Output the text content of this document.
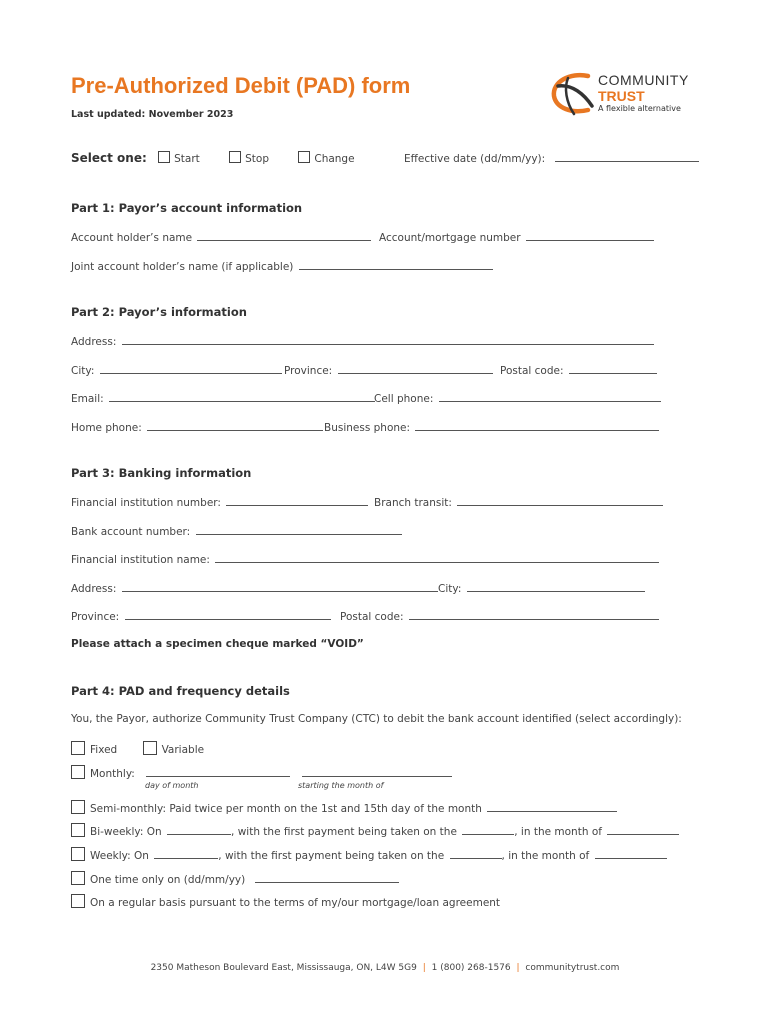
Pre-Authorized Debit (PAD) form
Last updated: November 2023
COMMUNITY
TRUST
A flexible alternative
Select one:	Start	Stop	Change	Effective date (dd/mm/yy):
Part 1: Payor’s account information
Account holder’s name	Account/mortgage number
Joint account holder’s name (if applicable)
Part 2: Payor’s information
Address:
City:	Province:	Postal code:
Email:	Cell phone:
Home phone:	Business phone:
Part 3: Banking information
Financial institution number:	Branch transit:
Bank account number:
Financial institution name:
Address:	City:
Province:	Postal code:
Please attach a specimen cheque marked “VOID”
Part 4: PAD and frequency details
You, the Payor, authorize Community Trust Company (CTC) to debit the bank account identified (select accordingly):
Fixed	Variable
Monthly:
day of month	starting the month of
Semi-monthly: Paid twice per month on the 1st and 15th day of the month
Bi-weekly: On	, with the first payment being taken on the	, in the month of
Weekly: On	, with the first payment being taken on the	, in the month of
One time only on (dd/mm/yy)
On a regular basis pursuant to the terms of my/our mortgage/loan agreement
2350 Matheson Boulevard East, Mississauga, ON, L4W 5G9 | 1 (800) 268-1576 | communitytrust.com
